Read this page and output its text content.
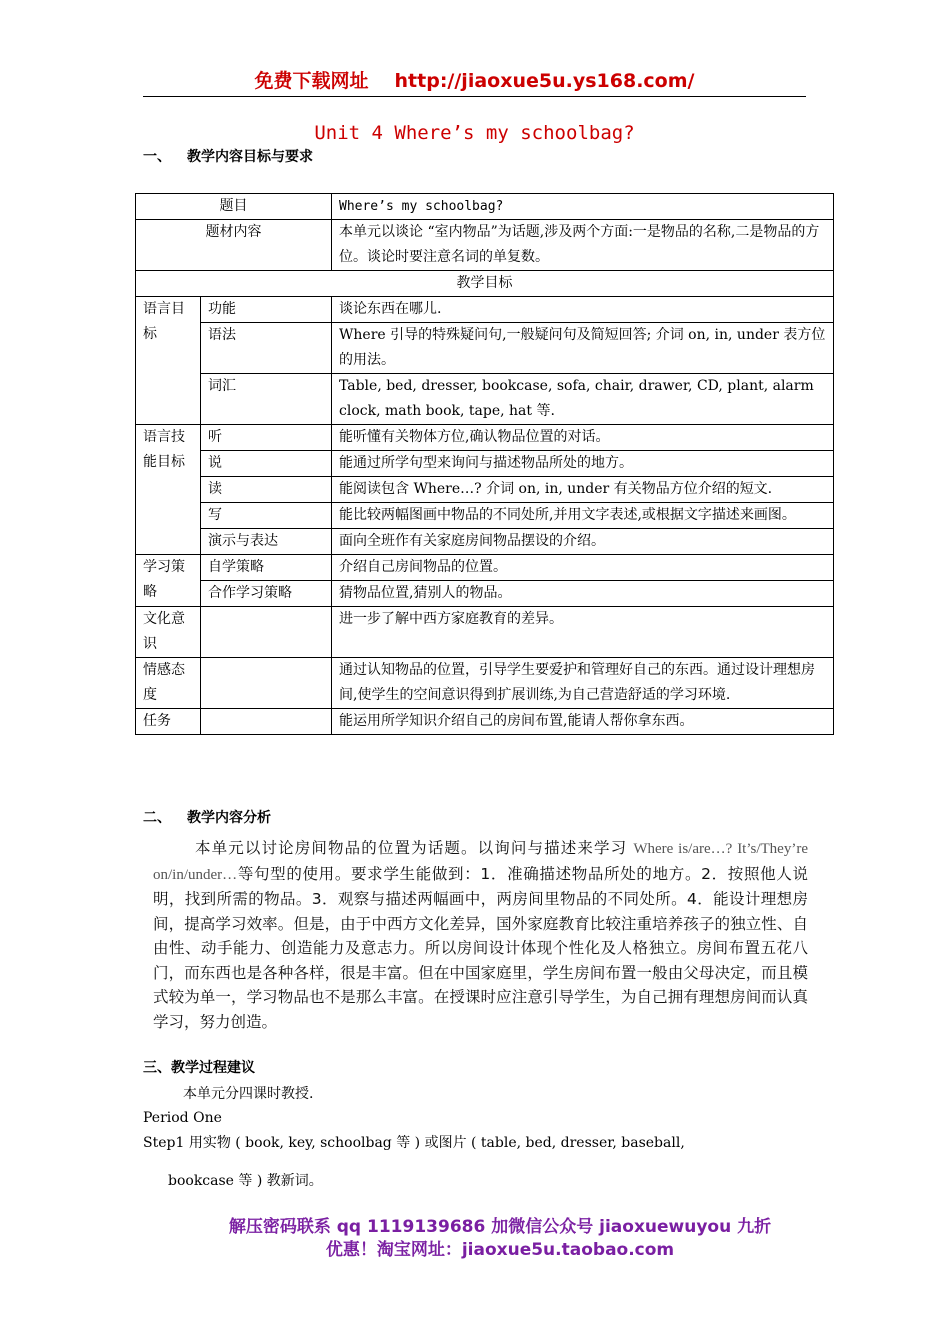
免费下载网址 http://jiaoxue5u.ys168.com/
Unit 4 Where’s my schoolbag?
一、 教学内容目标与要求
题目		Where’s my schoolbag?
题材内容		本单元以谈论 “室内物品”为话题,涉及两个方面:一是物品的名称,二是物品的方位。谈论时要注意名词的单复数。
教学目标		
语言目标	功能	谈论东西在哪儿.
	语法	Where 引导的特殊疑问句,一般疑问句及简短回答; 介词 on, in, under 表方位的用法。
	词汇	Table, bed, dresser, bookcase, sofa, chair, drawer, CD, plant, alarm clock, math book, tape, hat 等.
语言技能目标	听	能听懂有关物体方位,确认物品位置的对话。
	说	能通过所学句型来询问与描述物品所处的地方。
	读	能阅读包含 Where…? 介词 on, in, under 有关物品方位介绍的短文.
	写	能比较两幅图画中物品的不同处所,并用文字表述,或根据文字描述来画图。
	演示与表达	面向全班作有关家庭房间物品摆设的介绍。
学习策略	自学策略	介绍自己房间物品的位置。
	合作学习策略	猜物品位置,猜别人的物品。
文化意识		进一步了解中西方家庭教育的差异。
情感态度		通过认知物品的位置，引导学生要爱护和管理好自己的东西。通过设计理想房间,使学生的空间意识得到扩展训练,为自己营造舒适的学习环境.
任务		能运用所学知识介绍自己的房间布置,能请人帮你拿东西。
二、 教学内容分析
本单元以讨论房间物品的位置为话题。以询问与描述来学习 Where is/are…? It’s/They’re on/in/under…等句型的使用。要求学生能做到：1．准确描述物品所处的地方。2．按照他人说明，找到所需的物品。3．观察与描述两幅画中，两房间里物品的不同处所。4．能设计理想房间，提高学习效率。但是，由于中西方文化差异，国外家庭教育比较注重培养孩子的独立性、自由性、动手能力、创造能力及意志力。所以房间设计体现个性化及人格独立。房间布置五花八门，而东西也是各种各样，很是丰富。但在中国家庭里，学生房间布置一般由父母决定，而且模式较为单一，学习物品也不是那么丰富。在授课时应注意引导学生，为自己拥有理想房间而认真学习，努力创造。
三、教学过程建议
本单元分四课时教授.
Period One
Step1 用实物 ( book, key, schoolbag 等 ) 或图片 ( table, bed, dresser, baseball,
bookcase 等 ) 教新词。
解压密码联系 qq 1119139686 加微信公众号 jiaoxuewuyou 九折
优惠！淘宝网址：jiaoxue5u.taobao.com
